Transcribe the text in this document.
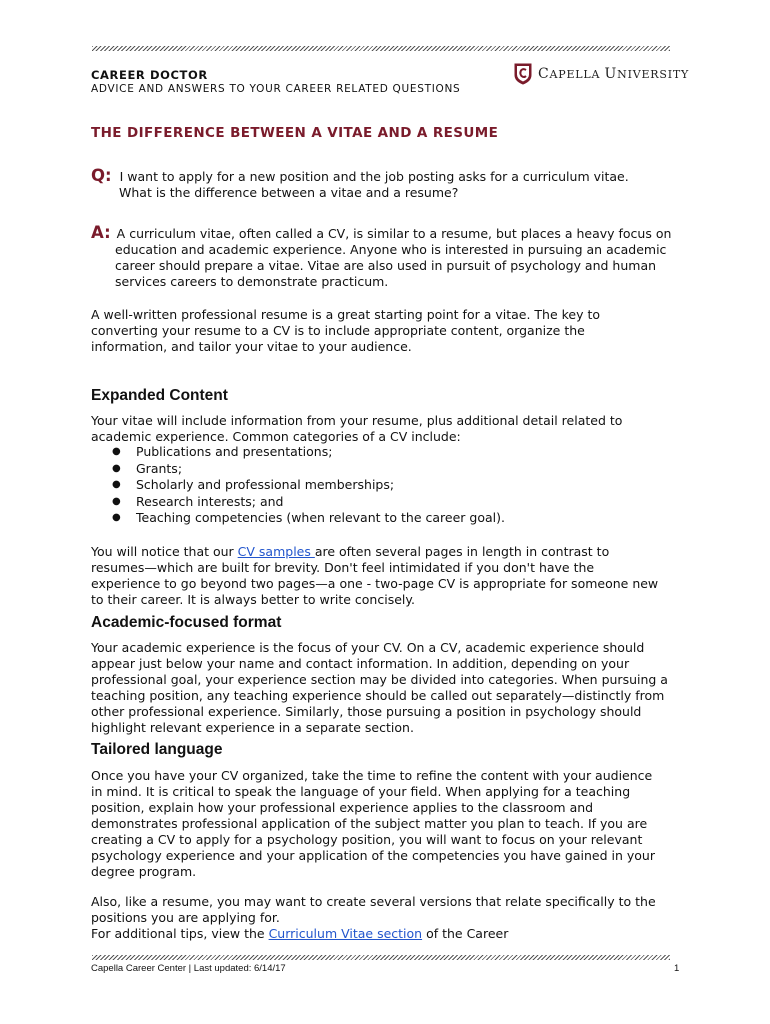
CAREER DOCTOR
ADVICE AND ANSWERS TO YOUR CAREER RELATED QUESTIONS
CAPELLA UNIVERSITY
THE DIFFERENCE BETWEEN A VITAE AND A RESUME
Q: I want to apply for a new position and the job posting asks for a curriculum vitae.
What is the difference between a vitae and a resume?
A: A curriculum vitae, often called a CV, is similar to a resume, but places a heavy focus on
education and academic experience. Anyone who is interested in pursuing an academic
career should prepare a vitae. Vitae are also used in pursuit of psychology and human
services careers to demonstrate practicum.
A well-written professional resume is a great starting point for a vitae. The key to
converting your resume to a CV is to include appropriate content, organize the
information, and tailor your vitae to your audience.
Expanded Content
Your vitae will include information from your resume, plus additional detail related to
academic experience. Common categories of a CV include:
●	Publications and presentations;
●	Grants;
●	Scholarly and professional memberships;
●	Research interests; and
●	Teaching competencies (when relevant to the career goal).
You will notice that our CV samples are often several pages in length in contrast to
resumes—which are built for brevity. Don't feel intimidated if you don't have the
experience to go beyond two pages—a one - two-page CV is appropriate for someone new
to their career. It is always better to write concisely.
Academic-focused format
Your academic experience is the focus of your CV. On a CV, academic experience should
appear just below your name and contact information. In addition, depending on your
professional goal, your experience section may be divided into categories. When pursuing a
teaching position, any teaching experience should be called out separately—distinctly from
other professional experience. Similarly, those pursuing a position in psychology should
highlight relevant experience in a separate section.
Tailored language
Once you have your CV organized, take the time to refine the content with your audience
in mind. It is critical to speak the language of your field. When applying for a teaching
position, explain how your professional experience applies to the classroom and
demonstrates professional application of the subject matter you plan to teach. If you are
creating a CV to apply for a psychology position, you will want to focus on your relevant
psychology experience and your application of the competencies you have gained in your
degree program.
Also, like a resume, you may want to create several versions that relate specifically to the
positions you are applying for.
For additional tips, view the Curriculum Vitae section of the Career
Capella Career Center | Last updated: 6/14/17	1
